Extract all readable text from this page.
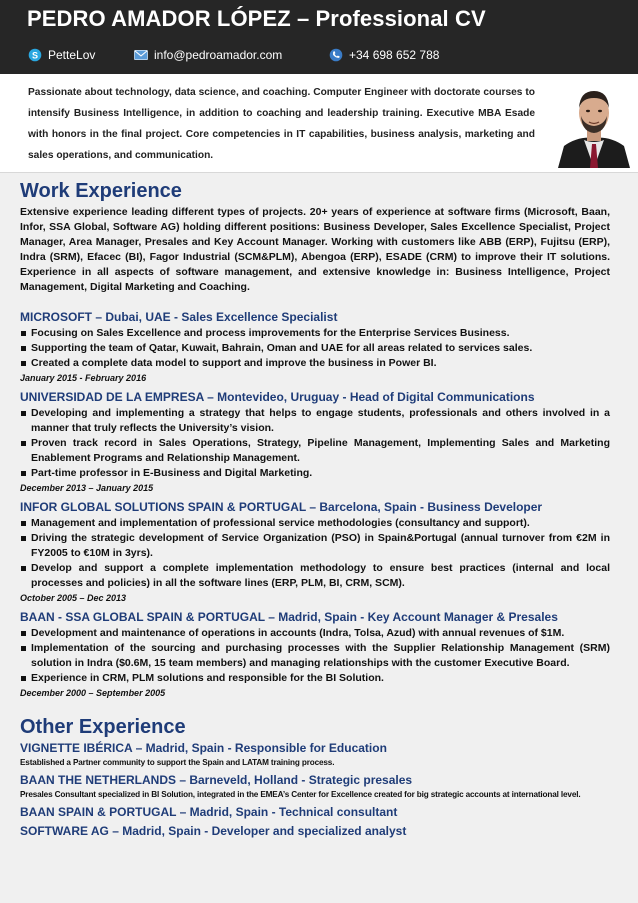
PEDRO AMADOR LÓPEZ – Professional CV
S PetteLov	info@pedroamador.com	+34 698 652 788
Passionate about technology, data science, and coaching. Computer Engineer with doctorate courses to intensify Business Intelligence, in addition to coaching and leadership training. Executive MBA Esade with honors in the final project. Core competencies in IT capabilities, business analysis, marketing and sales operations, and communication.
Work Experience
Extensive experience leading different types of projects. 20+ years of experience at software firms (Microsoft, Baan, Infor, SSA Global, Software AG) holding different positions: Business Developer, Sales Excellence Specialist, Project Manager, Area Manager, Presales and Key Account Manager. Working with customers like ABB (ERP), Fujitsu (ERP), Indra (SRM), Efacec (BI), Fagor Industrial (SCM&PLM), Abengoa (ERP), ESADE (CRM) to improve their IT solutions. Experience in all aspects of software management, and extensive knowledge in: Business Intelligence, Project Management, Digital Marketing and Coaching.
MICROSOFT – Dubai, UAE - Sales Excellence Specialist
Focusing on Sales Excellence and process improvements for the Enterprise Services Business.
Supporting the team of Qatar, Kuwait, Bahrain, Oman and UAE for all areas related to services sales.
Created a complete data model to support and improve the business in Power BI.
January 2015 - February 2016
UNIVERSIDAD DE LA EMPRESA – Montevideo, Uruguay - Head of Digital Communications
Developing and implementing a strategy that helps to engage students, professionals and others involved in a manner that truly reflects the University’s vision.
Proven track record in Sales Operations, Strategy, Pipeline Management, Implementing Sales and Marketing Enablement Programs and Relationship Management.
Part-time professor in E-Business and Digital Marketing.
December 2013 – January 2015
INFOR GLOBAL SOLUTIONS SPAIN & PORTUGAL – Barcelona, Spain - Business Developer
Management and implementation of professional service methodologies (consultancy and support).
Driving the strategic development of Service Organization (PSO) in Spain&Portugal (annual turnover from €2M in FY2005 to €10M in 3yrs).
Develop and support a complete implementation methodology to ensure best practices (internal and local processes and policies) in all the software lines (ERP, PLM, BI, CRM, SCM).
October 2005 – Dec 2013
BAAN - SSA GLOBAL SPAIN & PORTUGAL – Madrid, Spain - Key Account Manager & Presales
Development and maintenance of operations in accounts (Indra, Tolsa, Azud) with annual revenues of $1M.
Implementation of the sourcing and purchasing processes with the Supplier Relationship Management (SRM) solution in Indra ($0.6M, 15 team members) and managing relationships with the customer Executive Board.
Experience in CRM, PLM solutions and responsible for the BI Solution.
December 2000 – September 2005
Other Experience
VIGNETTE IBÉRICA – Madrid, Spain - Responsible for Education
Established a Partner community to support the Spain and LATAM training process.
BAAN THE NETHERLANDS – Barneveld, Holland - Strategic presales
Presales Consultant specialized in BI Solution, integrated in the EMEA’s Center for Excellence created for big strategic accounts at international level.
BAAN SPAIN & PORTUGAL – Madrid, Spain - Technical consultant
SOFTWARE AG – Madrid, Spain - Developer and specialized analyst
